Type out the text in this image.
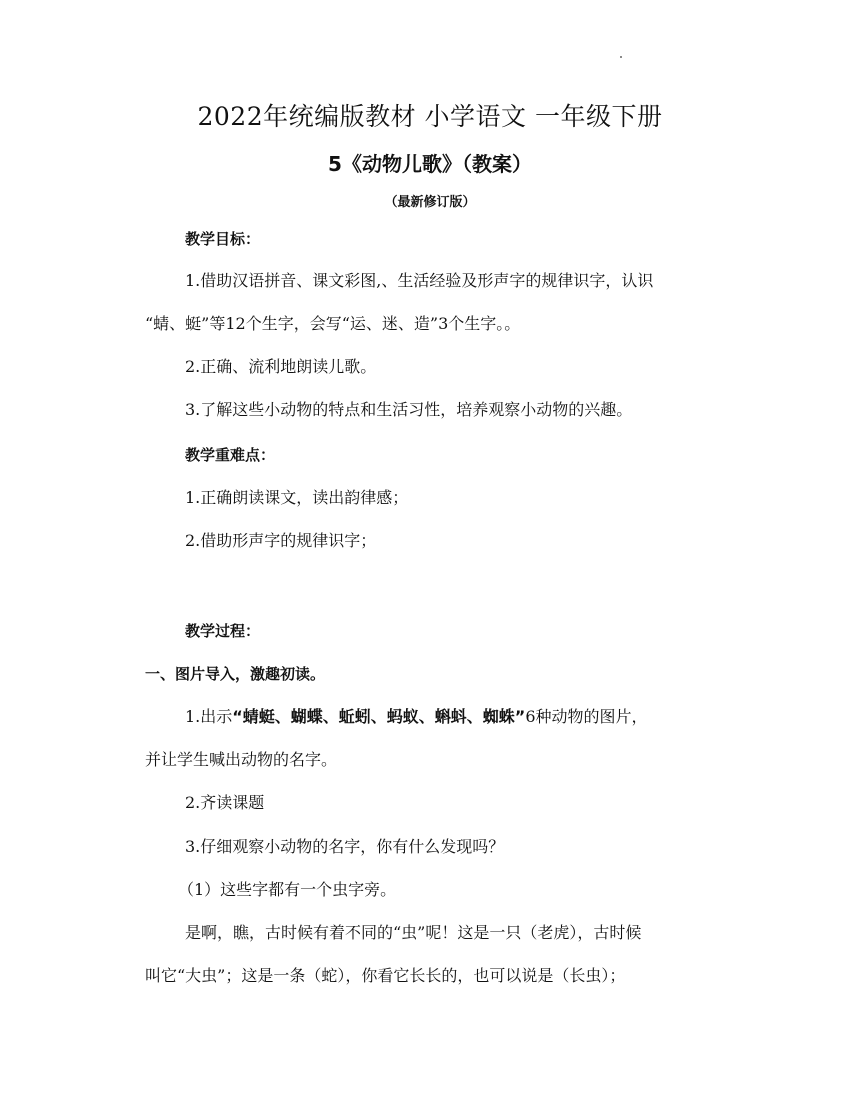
2022年统编版教材 小学语文 一年级下册
5《动物儿歌》（教案）
（最新修订版）
教学目标：
1.借助汉语拼音、课文彩图,、生活经验及形声字的规律识字，认识
“蜻、蜓”等12个生字，会写“运、迷、造”3个生字。。
2.正确、流利地朗读儿歌。
3.了解这些小动物的特点和生活习性，培养观察小动物的兴趣。
教学重难点：
1.正确朗读课文，读出韵律感；
2.借助形声字的规律识字；
教学过程：
一、图片导入，激趣初读。
1.出示“蜻蜓、蝴蝶、蚯蚓、蚂蚁、蝌蚪、蜘蛛”6种动物的图片，
并让学生喊出动物的名字。
2.齐读课题
3.仔细观察小动物的名字，你有什么发现吗？
（1）这些字都有一个虫字旁。
是啊，瞧，古时候有着不同的“虫”呢！这是一只（老虎），古时候
叫它“大虫”；这是一条（蛇），你看它长长的，也可以说是（长虫）；
